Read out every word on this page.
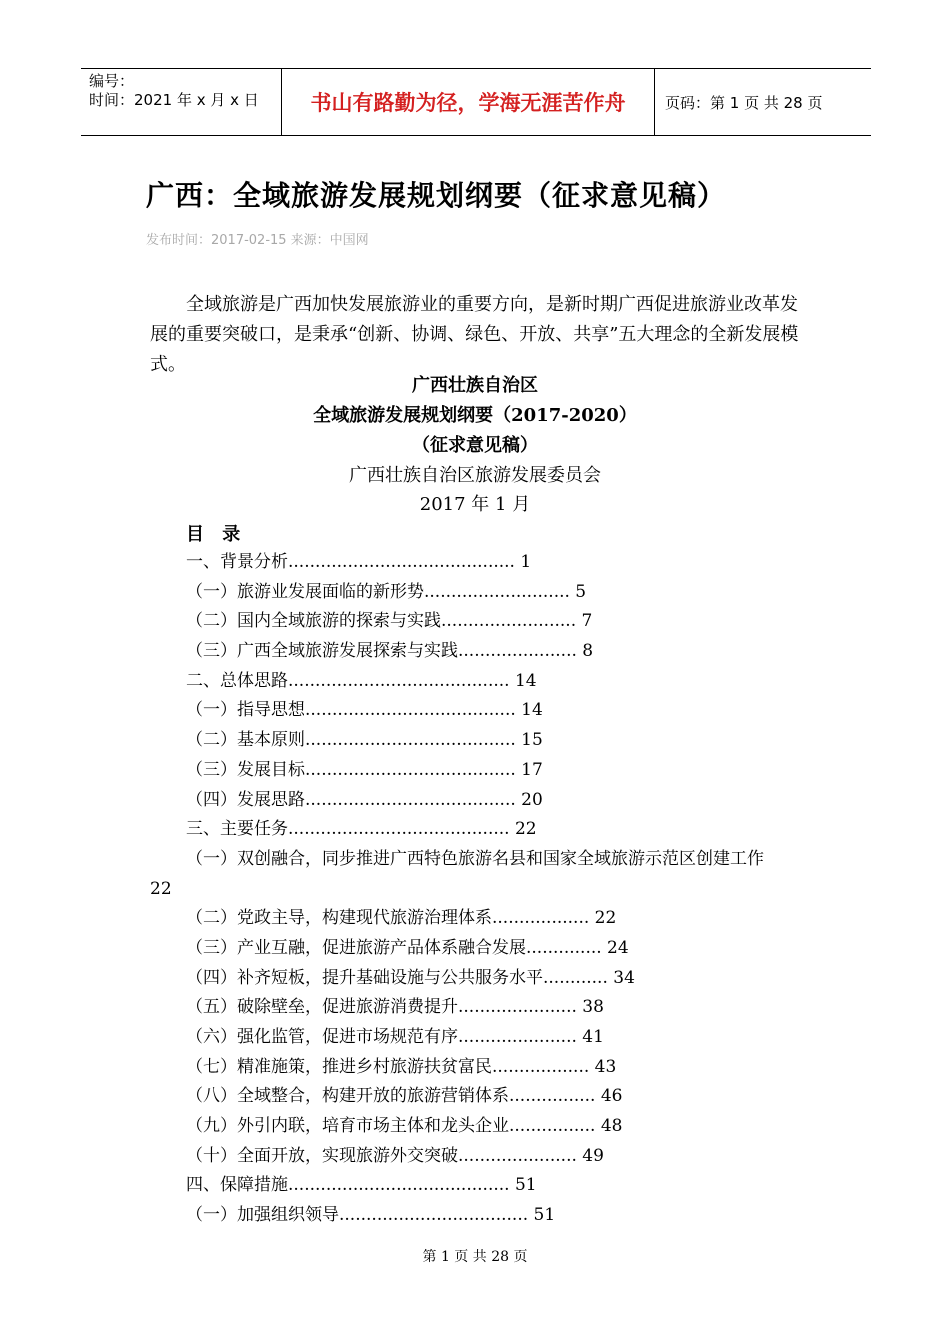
编号：
时间：2021 年 x 月 x 日	书山有路勤为径，学海无涯苦作舟	页码：第 1 页 共 28 页
广西：全域旅游发展规划纲要（征求意见稿）
发布时间：2017-02-15 来源：中国网

全域旅游是广西加快发展旅游业的重要方向，是新时期广西促进旅游业改革发展的重要突破口，是秉承“创新、协调、绿色、开放、共享”五大理念的全新发展模式。

广西壮族自治区
全域旅游发展规划纲要（2017-2020）
（征求意见稿）
广西壮族自治区旅游发展委员会
2017 年 1 月
目 录
一、背景分析.......................................... 1
（一）旅游业发展面临的新形势........................... 5
（二）国内全域旅游的探索与实践......................... 7
（三）广西全域旅游发展探索与实践...................... 8
二、总体思路......................................... 14
（一）指导思想....................................... 14
（二）基本原则....................................... 15
（三）发展目标....................................... 17
（四）发展思路....................................... 20
三、主要任务......................................... 22
（一）双创融合，同步推进广西特色旅游名县和国家全域旅游示范区创建工作 22
（二）党政主导，构建现代旅游治理体系.................. 22
（三）产业互融，促进旅游产品体系融合发展.............. 24
（四）补齐短板，提升基础设施与公共服务水平............ 34
（五）破除壁垒，促进旅游消费提升...................... 38
（六）强化监管，促进市场规范有序...................... 41
（七）精准施策，推进乡村旅游扶贫富民.................. 43
（八）全域整合，构建开放的旅游营销体系................ 46
（九）外引内联，培育市场主体和龙头企业................ 48
（十）全面开放，实现旅游外交突破...................... 49
四、保障措施......................................... 51
（一）加强组织领导................................... 51
第 1 页 共 28 页
